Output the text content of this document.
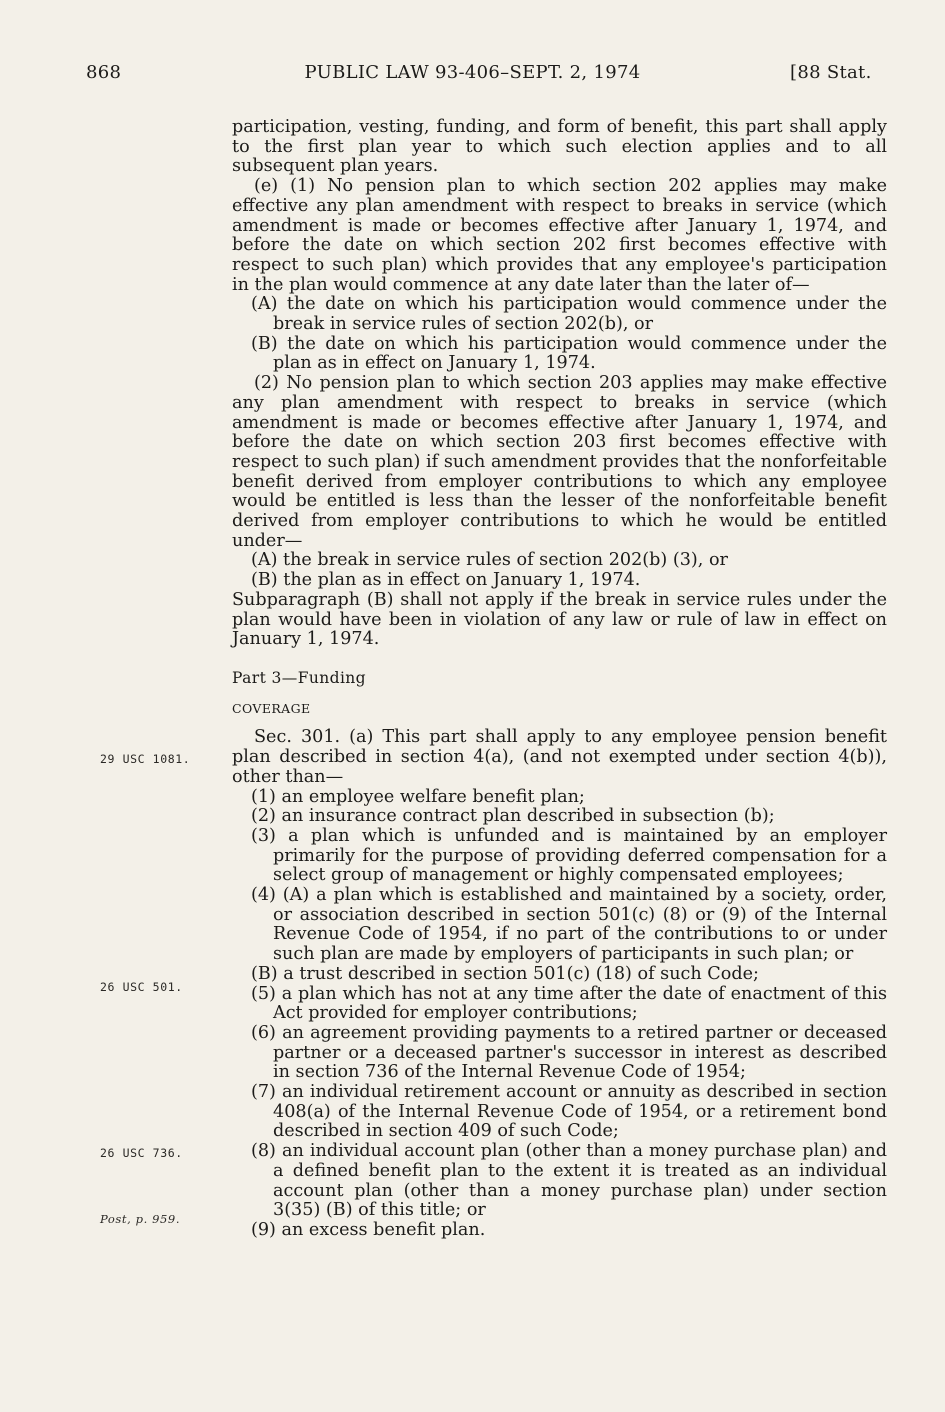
868	PUBLIC LAW 93-406–SEPT. 2, 1974	[88 Stat.
29 USC 1081.
26 USC 501.
26 USC 736.
Post, p. 959.

participation, vesting, funding, and form of benefit, this part shall apply to the first plan year to which such election applies and to all subsequent plan years.

(e) (1) No pension plan to which section 202 applies may make effective any plan amendment with respect to breaks in service (which amendment is made or becomes effective after January 1, 1974, and before the date on which section 202 first becomes effective with respect to such plan) which provides that any employee's participation in the plan would commence at any date later than the later of—

(A) the date on which his participation would commence under the break in service rules of section 202(b), or

(B) the date on which his participation would commence under the plan as in effect on January 1, 1974.

(2) No pension plan to which section 203 applies may make effective any plan amendment with respect to breaks in service (which amendment is made or becomes effective after January 1, 1974, and before the date on which section 203 first becomes effective with respect to such plan) if such amendment provides that the nonforfeitable benefit derived from employer contributions to which any employee would be entitled is less than the lesser of the nonforfeitable benefit derived from employer contributions to which he would be entitled under—

(A) the break in service rules of section 202(b) (3), or

(B) the plan as in effect on January 1, 1974.

Subparagraph (B) shall not apply if the break in service rules under the plan would have been in violation of any law or rule of law in effect on January 1, 1974.

Part 3—Funding

COVERAGE

Sec. 301. (a) This part shall apply to any employee pension benefit plan described in section 4(a), (and not exempted under section 4(b)), other than—

(1) an employee welfare benefit plan;

(2) an insurance contract plan described in subsection (b);

(3) a plan which is unfunded and is maintained by an employer primarily for the purpose of providing deferred compensation for a select group of management or highly compensated employees;

(4) (A) a plan which is established and maintained by a society, order, or association described in section 501(c) (8) or (9) of the Internal Revenue Code of 1954, if no part of the contributions to or under such plan are made by employers of participants in such plan; or

(B) a trust described in section 501(c) (18) of such Code;

(5) a plan which has not at any time after the date of enactment of this Act provided for employer contributions;

(6) an agreement providing payments to a retired partner or deceased partner or a deceased partner's successor in interest as described in section 736 of the Internal Revenue Code of 1954;

(7) an individual retirement account or annuity as described in section 408(a) of the Internal Revenue Code of 1954, or a retirement bond described in section 409 of such Code;

(8) an individual account plan (other than a money purchase plan) and a defined benefit plan to the extent it is treated as an individual account plan (other than a money purchase plan) under section 3(35) (B) of this title; or

(9) an excess benefit plan.
